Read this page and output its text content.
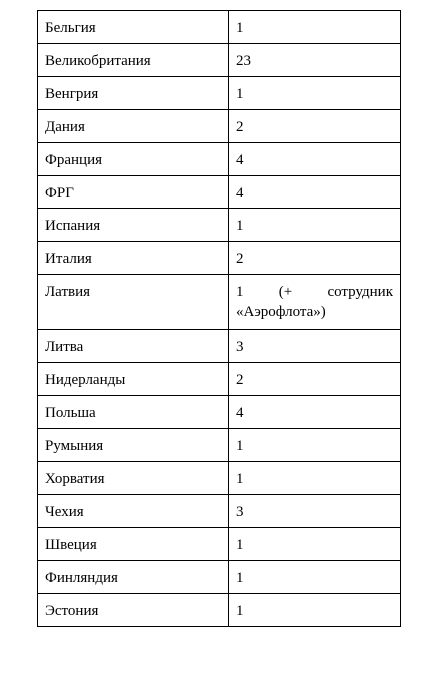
Бельгия	1
Великобритания	23
Венгрия	1
Дания	2
Франция	4
ФРГ	4
Испания	1
Италия	2
Латвия	1 (+ сотрудник
«Аэрофлота»)
Литва	3
Нидерланды	2
Польша	4
Румыния	1
Хорватия	1
Чехия	3
Швеция	1
Финляндия	1
Эстония	1
